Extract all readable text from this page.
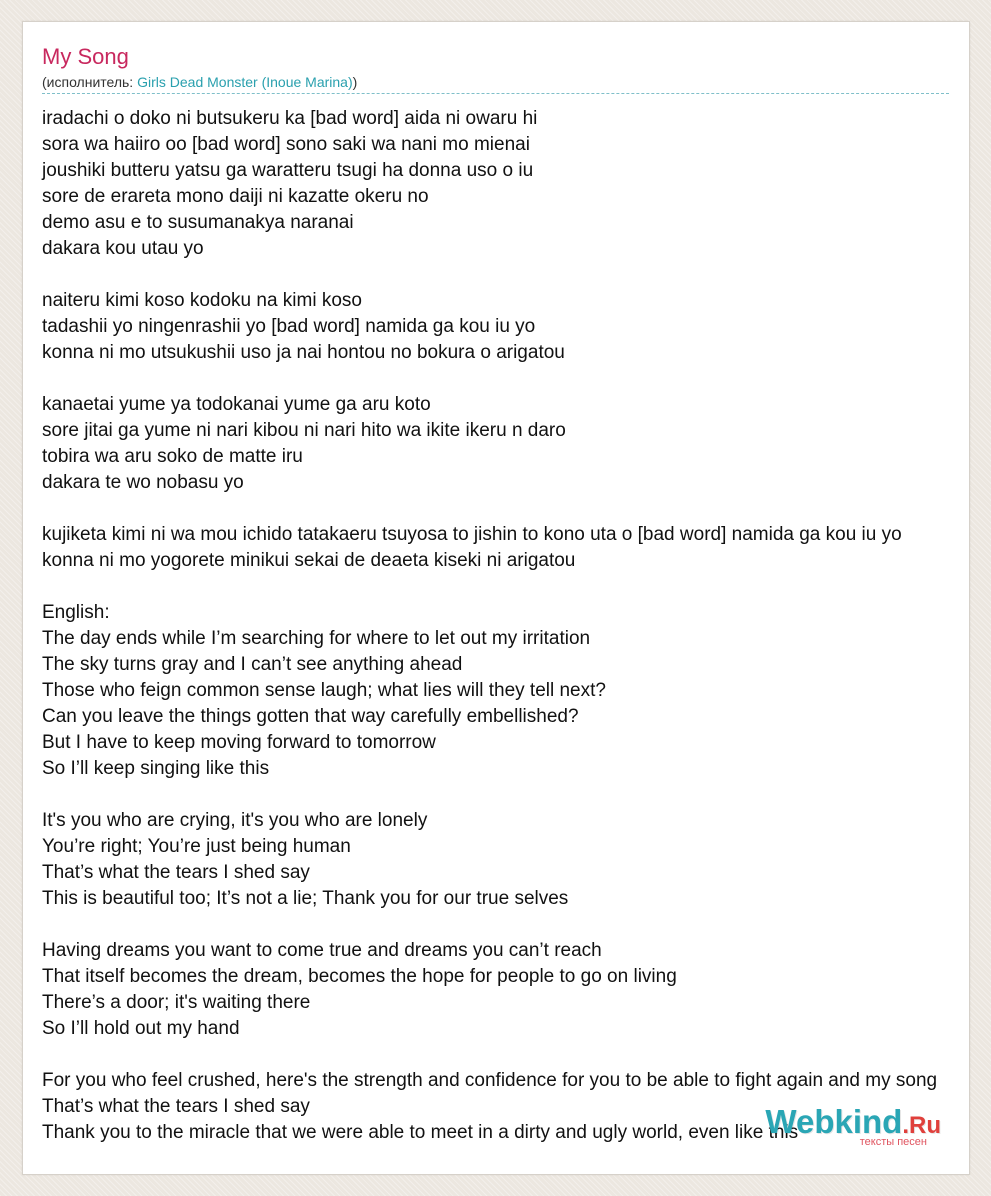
My Song
(исполнитель: Girls Dead Monster (Inoue Marina))
iradachi o doko ni butsukeru ka [bad word] aida ni owaru hi
sora wa haiiro oo [bad word] sono saki wa nani mo mienai
joushiki butteru yatsu ga waratteru tsugi ha donna uso o iu
sore de erareta mono daiji ni kazatte okeru no
demo asu e to susumanakya naranai
dakara kou utau yo

naiteru kimi koso kodoku na kimi koso
tadashii yo ningenrashii yo [bad word] namida ga kou iu yo
konna ni mo utsukushii uso ja nai hontou no bokura o arigatou

kanaetai yume ya todokanai yume ga aru koto
sore jitai ga yume ni nari kibou ni nari hito wa ikite ikeru n daro
tobira wa aru soko de matte iru
dakara te wo nobasu yo

kujiketa kimi ni wa mou ichido tatakaeru tsuyosa to jishin to kono uta o [bad word] namida ga kou iu yo
konna ni mo yogorete minikui sekai de deaeta kiseki ni arigatou

English:
The day ends while I’m searching for where to let out my irritation
The sky turns gray and I can’t see anything ahead
Those who feign common sense laugh; what lies will they tell next?
Can you leave the things gotten that way carefully embellished?
But I have to keep moving forward to tomorrow
So I’ll keep singing like this

It's you who are crying, it's you who are lonely
You’re right; You’re just being human
That’s what the tears I shed say
This is beautiful too; It’s not a lie; Thank you for our true selves

Having dreams you want to come true and dreams you can’t reach
That itself becomes the dream, becomes the hope for people to go on living
There’s a door; it's waiting there
So I’ll hold out my hand

For you who feel crushed, here's the strength and confidence for you to be able to fight again and my song
That’s what the tears I shed say
Thank you to the miracle that we were able to meet in a dirty and ugly world, even like this
Webkind.Ru
тексты песен
